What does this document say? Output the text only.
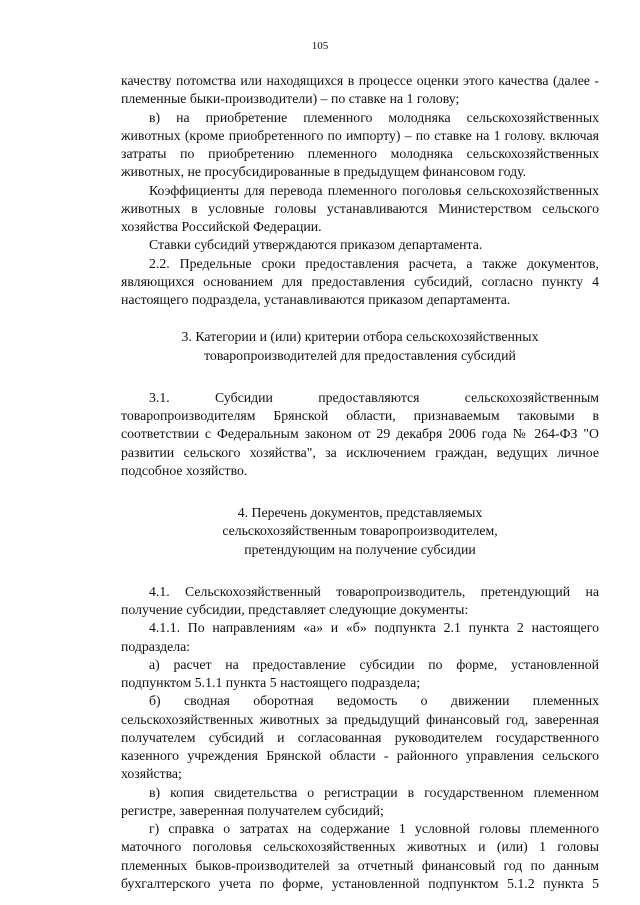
105

качеству потомства или находящихся в процессе оценки этого качества (далее - племенные быки-производители) – по ставке на 1 голову;

в) на приобретение племенного молодняка сельскохозяйственных животных (кроме приобретенного по импорту) – по ставке на 1 голову. включая затраты по приобретению племенного молодняка сельскохозяйственных животных, не просубсидированные в предыдущем финансовом году.

Коэффициенты для перевода племенного поголовья сельскохозяйственных животных в условные головы устанавливаются Министерством сельского хозяйства Российской Федерации.

Ставки субсидий утверждаются приказом департамента.

2.2. Предельные сроки предоставления расчета, а также документов, являющихся основанием для предоставления субсидий, согласно пункту 4 настоящего подраздела, устанавливаются приказом департамента.

3. Категории и (или) критерии отбора сельскохозяйственных
товаропроизводителей для предоставления субсидий

3.1. Субсидии предоставляются сельскохозяйственным товаропроизводителям Брянской области, признаваемым таковыми в соответствии с Федеральным законом от 29 декабря 2006 года № 264-ФЗ "О развитии сельского хозяйства", за исключением граждан, ведущих личное подсобное хозяйство.

4. Перечень документов, представляемых
сельскохозяйственным товаропроизводителем,
претендующим на получение субсидии

4.1. Сельскохозяйственный товаропроизводитель, претендующий на получение субсидии, представляет следующие документы:

4.1.1. По направлениям «а» и «б» подпункта 2.1 пункта 2 настоящего подраздела:

а) расчет на предоставление субсидии по форме, установленной подпунктом 5.1.1 пункта 5 настоящего подраздела;

б) сводная оборотная ведомость о движении племенных сельскохозяйственных животных за предыдущий финансовый год, заверенная получателем субсидий и согласованная руководителем государственного казенного учреждения Брянской области - районного управления сельского хозяйства;

в) копия свидетельства о регистрации в государственном племенном регистре, заверенная получателем субсидий;

г) справка о затратах на содержание 1 условной головы племенного маточного поголовья сельскохозяйственных животных и (или) 1 головы племенных быков-производителей за отчетный финансовый год по данным бухгалтерского учета по форме, установленной подпунктом 5.1.2 пункта 5
